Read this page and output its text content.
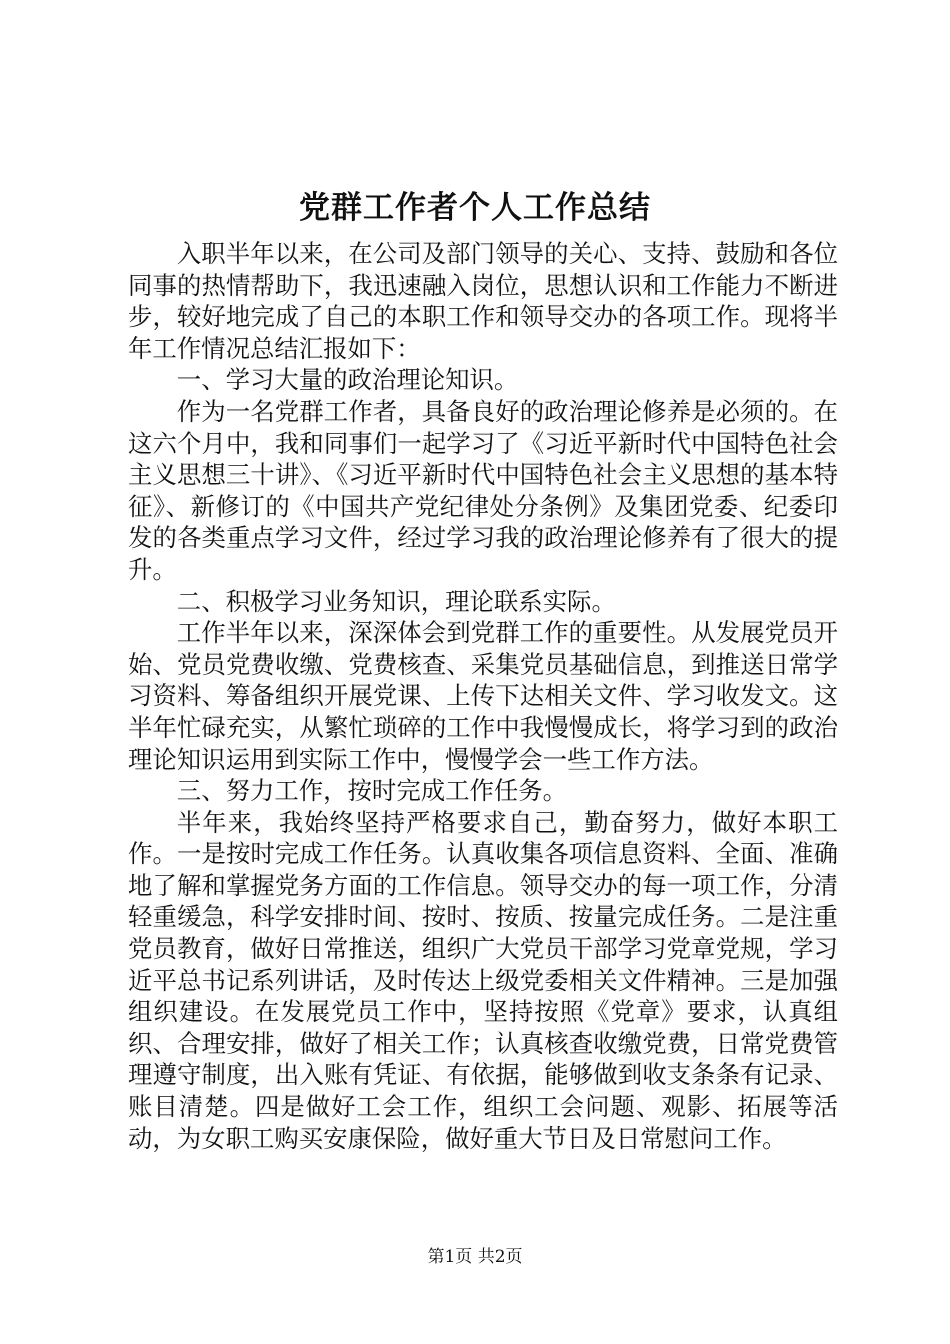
党群工作者个人工作总结

入职半年以来，在公司及部门领导的关心、支持、鼓励和各位同事的热情帮助下，我迅速融入岗位，思想认识和工作能力不断进步，较好地完成了自己的本职工作和领导交办的各项工作。现将半年工作情况总结汇报如下：

一、学习大量的政治理论知识。

作为一名党群工作者，具备良好的政治理论修养是必须的。在这六个月中，我和同事们一起学习了《习近平新时代中国特色社会主义思想三十讲》、《习近平新时代中国特色社会主义思想的基本特征》、新修订的《中国共产党纪律处分条例》及集团党委、纪委印发的各类重点学习文件，经过学习我的政治理论修养有了很大的提升。

二、积极学习业务知识，理论联系实际。

工作半年以来，深深体会到党群工作的重要性。从发展党员开始、党员党费收缴、党费核查、采集党员基础信息，到推送日常学习资料、筹备组织开展党课、上传下达相关文件、学习收发文。这半年忙碌充实，从繁忙琐碎的工作中我慢慢成长，将学习到的政治理论知识运用到实际工作中，慢慢学会一些工作方法。

三、努力工作，按时完成工作任务。

半年来，我始终坚持严格要求自己，勤奋努力，做好本职工作。一是按时完成工作任务。认真收集各项信息资料、全面、准确地了解和掌握党务方面的工作信息。领导交办的每一项工作，分清轻重缓急，科学安排时间、按时、按质、按量完成任务。二是注重党员教育，做好日常推送，组织广大党员干部学习党章党规，学习近平总书记系列讲话，及时传达上级党委相关文件精神。三是加强组织建设。在发展党员工作中，坚持按照《党章》要求，认真组织、合理安排，做好了相关工作；认真核查收缴党费，日常党费管理遵守制度，出入账有凭证、有依据，能够做到收支条条有记录、账目清楚。四是做好工会工作，组织工会问题、观影、拓展等活动，为女职工购买安康保险，做好重大节日及日常慰问工作。

第1页 共2页
